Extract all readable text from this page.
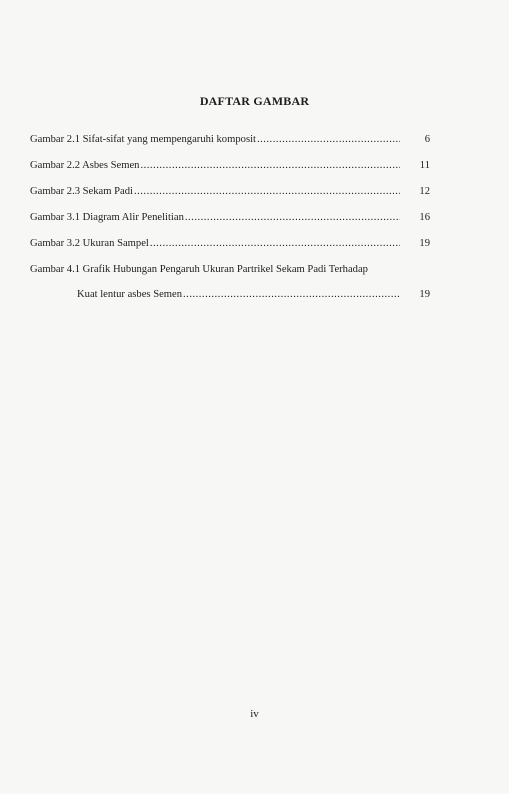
DAFTAR GAMBAR
Gambar 2.1 Sifat-sifat yang mempengaruhi komposit .....	6
Gambar 2.2 Asbes Semen .....	11
Gambar 2.3 Sekam Padi .....	12
Gambar 3.1 Diagram Alir Penelitian .....	16
Gambar 3.2 Ukuran Sampel .....	19
Gambar 4.1 Grafik Hubungan Pengaruh Ukuran Partrikel Sekam Padi Terhadap
Kuat lentur asbes Semen .....	19
iv
